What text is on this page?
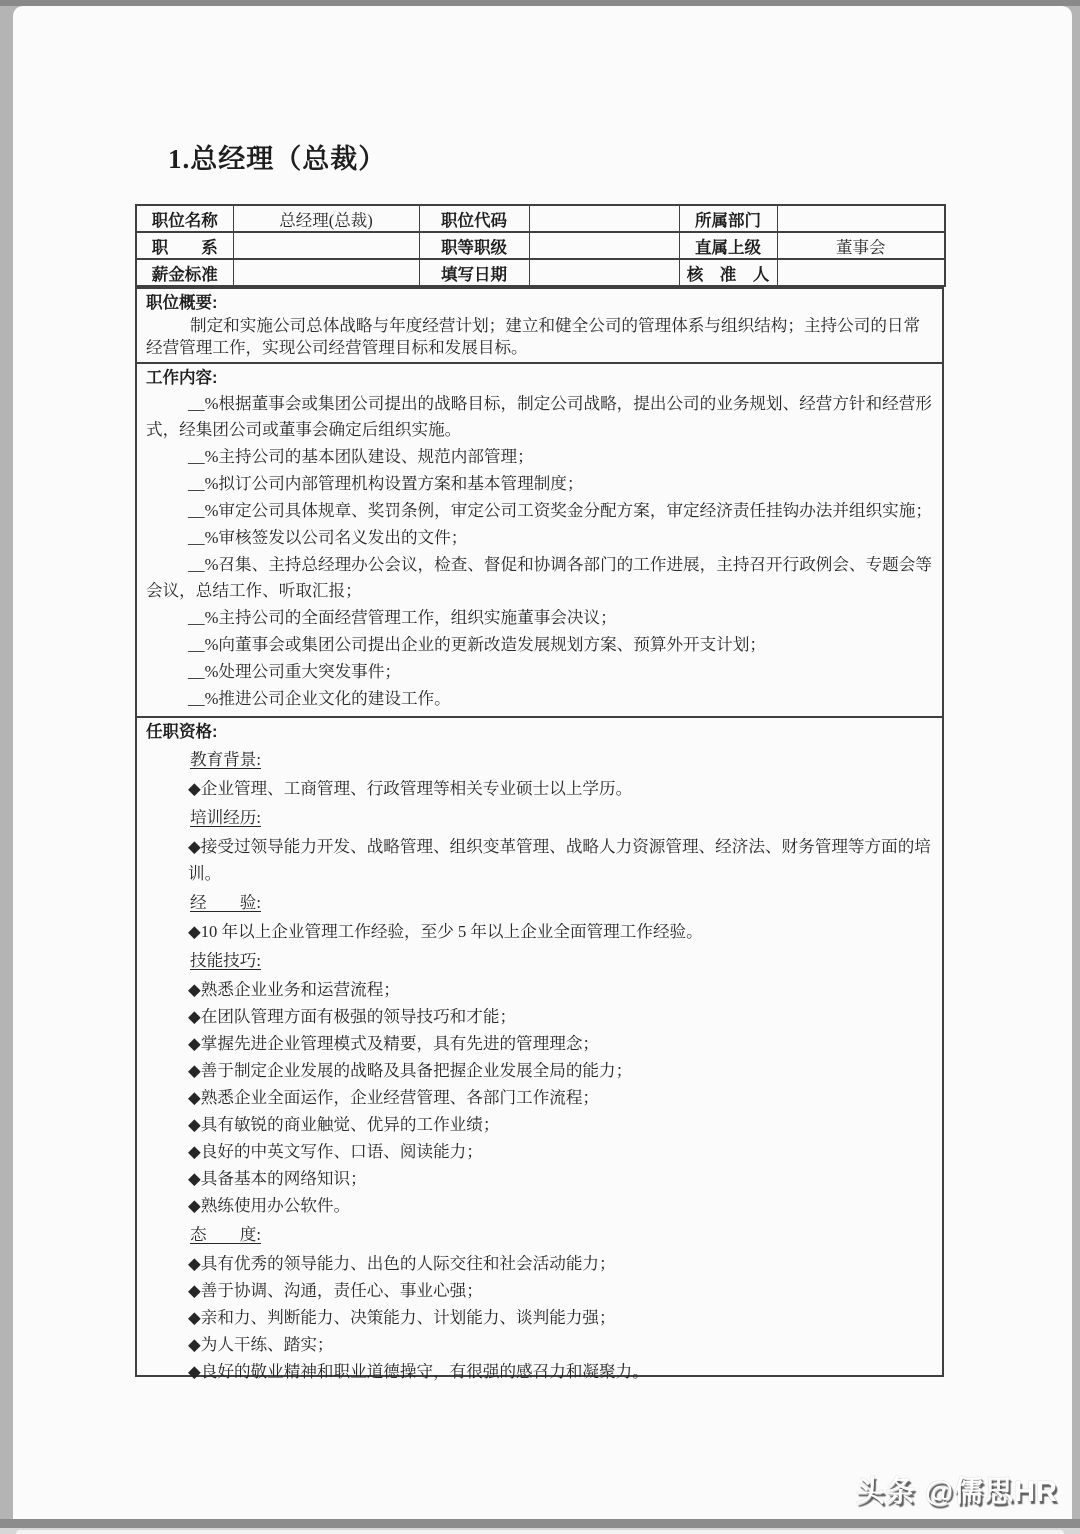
1.总经理（总裁）
职位名称	总经理(总裁)	职位代码		所属部门	
职　　系		职等职级		直属上级	董事会
薪金标准		填写日期		核　准　人	
职位概要:

制定和实施公司总体战略与年度经营计划；建立和健全公司的管理体系与组织结构；主持公司的日常经营管理工作，实现公司经营管理目标和发展目标。

工作内容:

__%根据董事会或集团公司提出的战略目标，制定公司战略，提出公司的业务规划、经营方针和经营形式，经集团公司或董事会确定后组织实施。

__%主持公司的基本团队建设、规范内部管理；

__%拟订公司内部管理机构设置方案和基本管理制度；

__%审定公司具体规章、奖罚条例，审定公司工资奖金分配方案，审定经济责任挂钩办法并组织实施；

__%审核签发以公司名义发出的文件；

__%召集、主持总经理办公会议，检查、督促和协调各部门的工作进展，主持召开行政例会、专题会等会议，总结工作、听取汇报；

__%主持公司的全面经营管理工作，组织实施董事会决议；

__%向董事会或集团公司提出企业的更新改造发展规划方案、预算外开支计划；

__%处理公司重大突发事件；

__%推进公司企业文化的建设工作。

任职资格:

教育背景:

◆企业管理、工商管理、行政管理等相关专业硕士以上学历。

培训经历:

◆接受过领导能力开发、战略管理、组织变革管理、战略人力资源管理、经济法、财务管理等方面的培训。

经　　验:

◆10 年以上企业管理工作经验，至少 5 年以上企业全面管理工作经验。

技能技巧:

◆熟悉企业业务和运营流程；

◆在团队管理方面有极强的领导技巧和才能；

◆掌握先进企业管理模式及精要，具有先进的管理理念；

◆善于制定企业发展的战略及具备把握企业发展全局的能力；

◆熟悉企业全面运作，企业经营管理、各部门工作流程；

◆具有敏锐的商业触觉、优异的工作业绩；

◆良好的中英文写作、口语、阅读能力；

◆具备基本的网络知识；

◆熟练使用办公软件。

态　　度:

◆具有优秀的领导能力、出色的人际交往和社会活动能力；

◆善于协调、沟通，责任心、事业心强；

◆亲和力、判断能力、决策能力、计划能力、谈判能力强；

◆为人干练、踏实；

◆良好的敬业精神和职业道德操守，有很强的感召力和凝聚力。

头条 @儒思HR
